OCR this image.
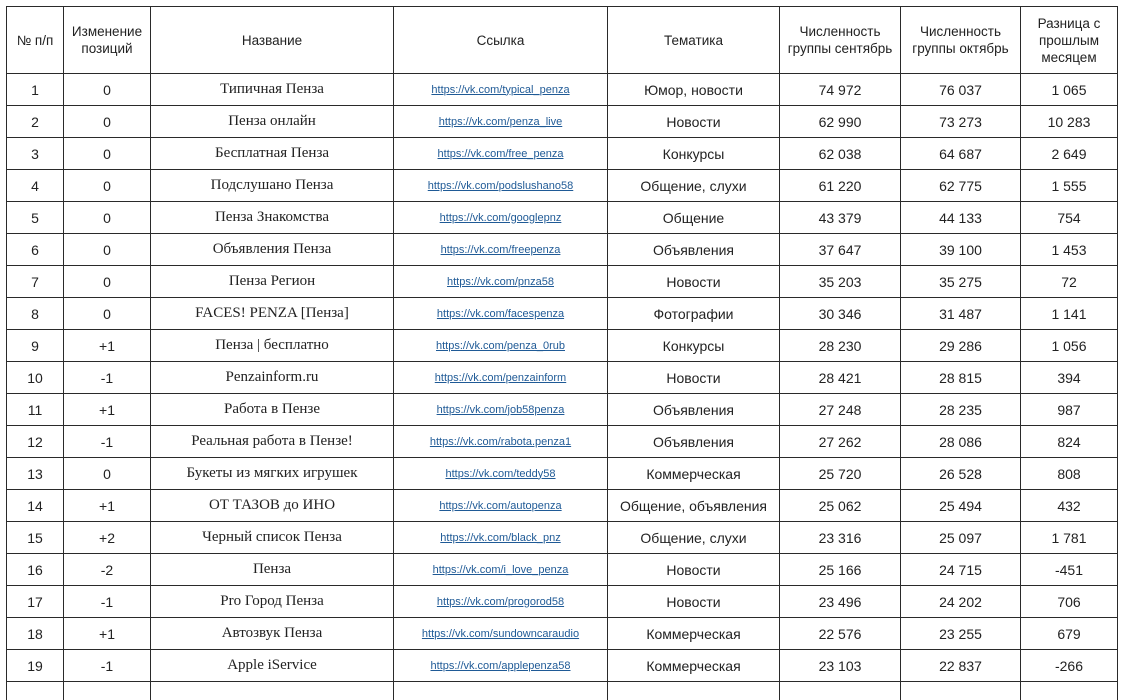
№ п/п	Изменение позиций	Название	Ссылка	Тематика	Численность группы сентябрь	Численность группы октябрь	Разница с прошлым месяцем
1	0	Типичная Пенза	https://vk.com/typical_penza	Юмор, новости	74 972	76 037	1 065
2	0	Пенза онлайн	https://vk.com/penza_live	Новости	62 990	73 273	10 283
3	0	Бесплатная Пенза	https://vk.com/free_penza	Конкурсы	62 038	64 687	2 649
4	0	Подслушано Пенза	https://vk.com/podslushano58	Общение, слухи	61 220	62 775	1 555
5	0	Пенза Знакомства	https://vk.com/googlepnz	Общение	43 379	44 133	754
6	0	Объявления Пенза	https://vk.com/freepenza	Объявления	37 647	39 100	1 453
7	0	Пенза Регион	https://vk.com/pnza58	Новости	35 203	35 275	72
8	0	FACES! PENZA [Пенза]	https://vk.com/facespenza	Фотографии	30 346	31 487	1 141
9	+1	Пенза | бесплатно	https://vk.com/penza_0rub	Конкурсы	28 230	29 286	1 056
10	-1	Penzainform.ru	https://vk.com/penzainform	Новости	28 421	28 815	394
11	+1	Работа в Пензе	https://vk.com/job58penza	Объявления	27 248	28 235	987
12	-1	Реальная работа в Пензе!	https://vk.com/rabota.penza1	Объявления	27 262	28 086	824
13	0	Букеты из мягких игрушек	https://vk.com/teddy58	Коммерческая	25 720	26 528	808
14	+1	ОТ ТАЗОВ до ИНО	https://vk.com/autopenza	Общение, объявления	25 062	25 494	432
15	+2	Черный список Пенза	https://vk.com/black_pnz	Общение, слухи	23 316	25 097	1 781
16	-2	Пенза	https://vk.com/i_love_penza	Новости	25 166	24 715	-451
17	-1	Pro Город Пенза	https://vk.com/progorod58	Новости	23 496	24 202	706
18	+1	Автозвук Пенза	https://vk.com/sundowncaraudio	Коммерческая	22 576	23 255	679
19	-1	Apple iService	https://vk.com/applepenza58	Коммерческая	23 103	22 837	-266
